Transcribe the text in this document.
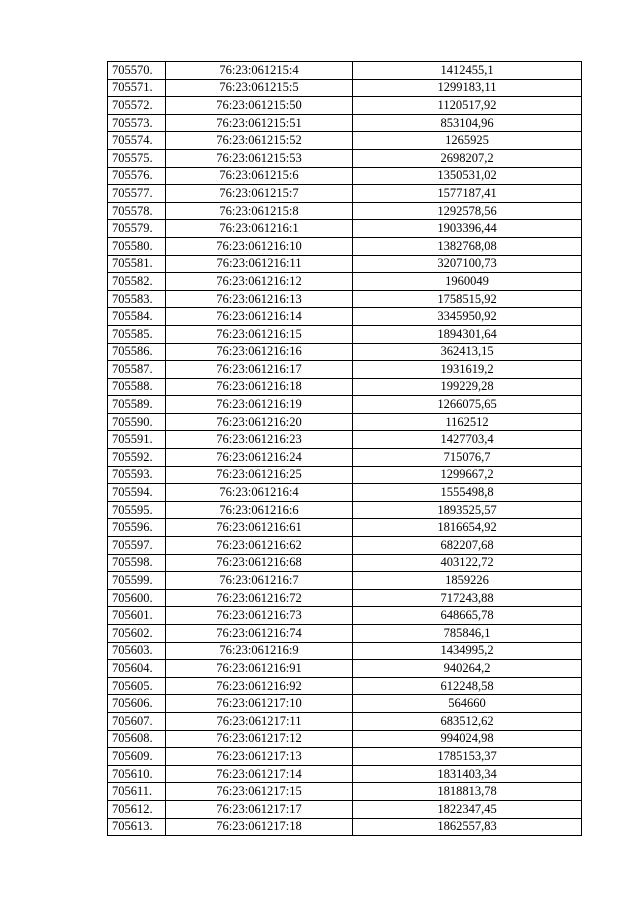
705570.	76:23:061215:4	1412455,1
705571.	76:23:061215:5	1299183,11
705572.	76:23:061215:50	1120517,92
705573.	76:23:061215:51	853104,96
705574.	76:23:061215:52	1265925
705575.	76:23:061215:53	2698207,2
705576.	76:23:061215:6	1350531,02
705577.	76:23:061215:7	1577187,41
705578.	76:23:061215:8	1292578,56
705579.	76:23:061216:1	1903396,44
705580.	76:23:061216:10	1382768,08
705581.	76:23:061216:11	3207100,73
705582.	76:23:061216:12	1960049
705583.	76:23:061216:13	1758515,92
705584.	76:23:061216:14	3345950,92
705585.	76:23:061216:15	1894301,64
705586.	76:23:061216:16	362413,15
705587.	76:23:061216:17	1931619,2
705588.	76:23:061216:18	199229,28
705589.	76:23:061216:19	1266075,65
705590.	76:23:061216:20	1162512
705591.	76:23:061216:23	1427703,4
705592.	76:23:061216:24	715076,7
705593.	76:23:061216:25	1299667,2
705594.	76:23:061216:4	1555498,8
705595.	76:23:061216:6	1893525,57
705596.	76:23:061216:61	1816654,92
705597.	76:23:061216:62	682207,68
705598.	76:23:061216:68	403122,72
705599.	76:23:061216:7	1859226
705600.	76:23:061216:72	717243,88
705601.	76:23:061216:73	648665,78
705602.	76:23:061216:74	785846,1
705603.	76:23:061216:9	1434995,2
705604.	76:23:061216:91	940264,2
705605.	76:23:061216:92	612248,58
705606.	76:23:061217:10	564660
705607.	76:23:061217:11	683512,62
705608.	76:23:061217:12	994024,98
705609.	76:23:061217:13	1785153,37
705610.	76:23:061217:14	1831403,34
705611.	76:23:061217:15	1818813,78
705612.	76:23:061217:17	1822347,45
705613.	76:23:061217:18	1862557,83
